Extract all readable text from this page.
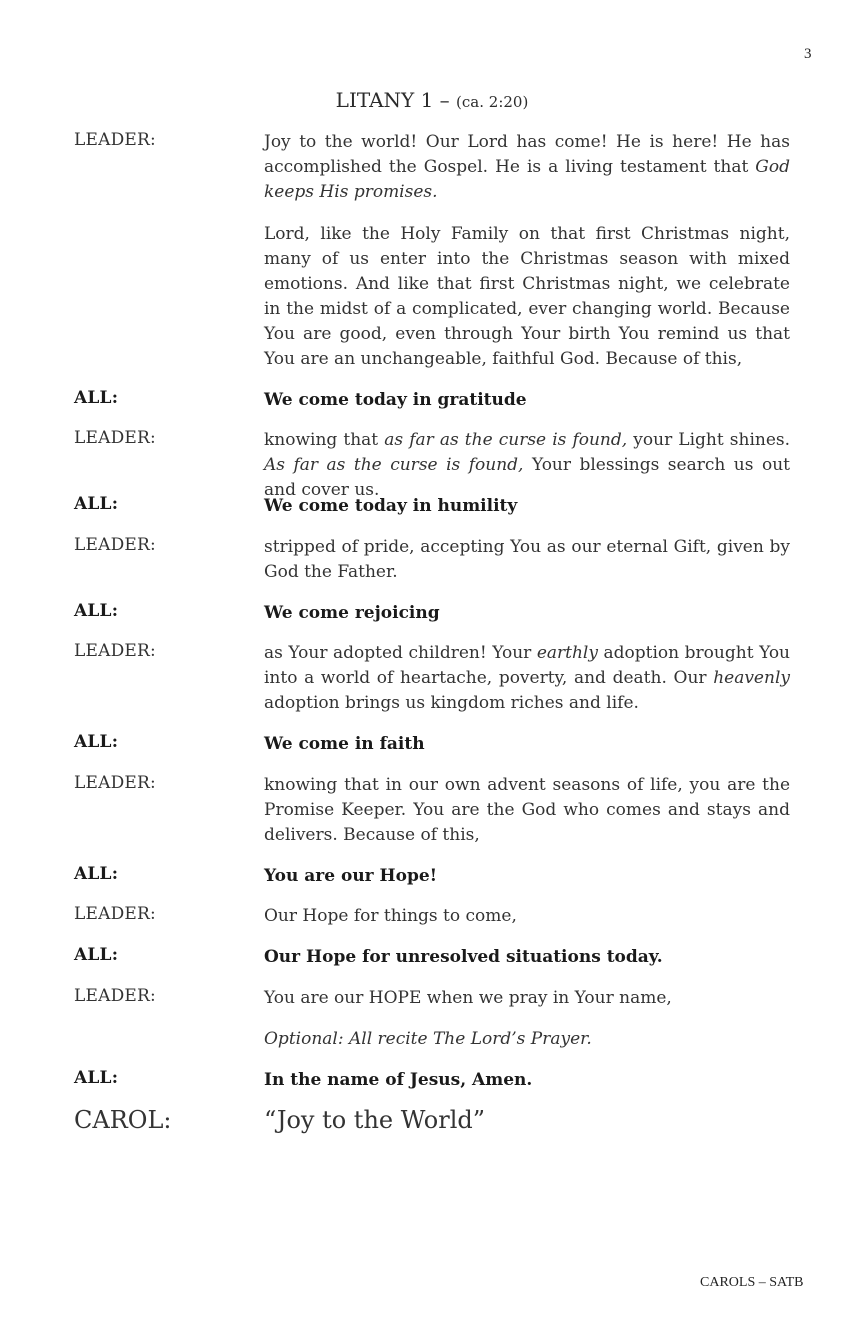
3
LITANY 1 – (ca. 2:20)
LEADER:	Joy to the world! Our Lord has come! He is here! He has accomplished the Gospel. He is a living testament that God keeps His promises.
Lord, like the Holy Family on that first Christmas night, many of us enter into the Christmas season with mixed emotions. And like that first Christmas night, we celebrate in the midst of a complicated, ever changing world. Because You are good, even through Your birth You remind us that You are an unchangeable, faithful God. Because of this,
ALL:	We come today in gratitude
LEADER:	knowing that as far as the curse is found, your Light shines. As far as the curse is found, Your blessings search us out and cover us.
ALL:	We come today in humility
LEADER:	stripped of pride, accepting You as our eternal Gift, given by God the Father.
ALL:	We come rejoicing
LEADER:	as Your adopted children! Your earthly adoption brought You into a world of heartache, poverty, and death. Our heavenly adoption brings us kingdom riches and life.
ALL:	We come in faith
LEADER:	knowing that in our own advent seasons of life, you are the Promise Keeper. You are the God who comes and stays and delivers. Because of this,
ALL:	You are our Hope!
LEADER:	Our Hope for things to come,
ALL:	Our Hope for unresolved situations today.
LEADER:	You are our HOPE when we pray in Your name,
Optional: All recite The Lord’s Prayer.
ALL:	In the name of Jesus, Amen.
CAROL:	“Joy to the World”
CAROLS – SATB
